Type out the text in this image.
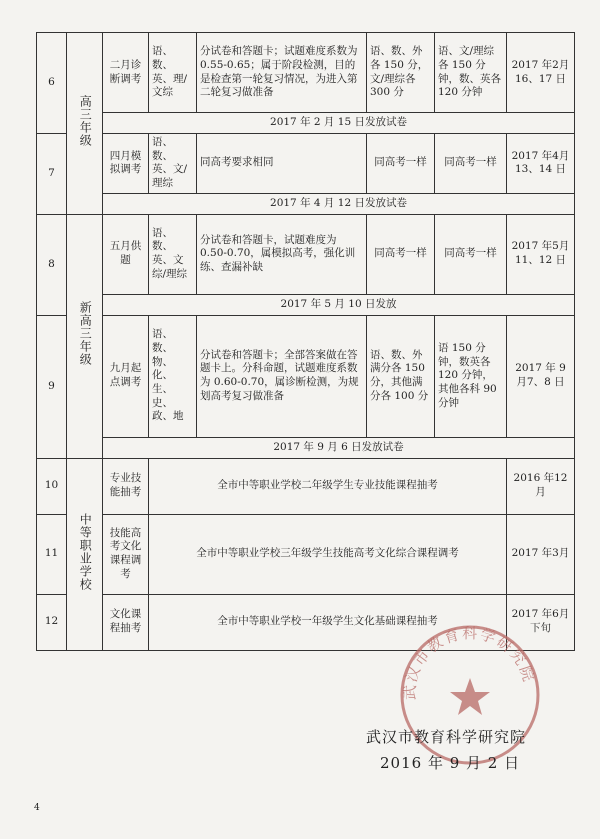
6	高三年级	二月诊断调考	语、数、英、理/文综	分试卷和答题卡；试题难度系数为 0.55-0.65；属于阶段检测，目的是检查第一轮复习情况，为进入第二轮复习做准备	语、数、外各 150 分，文/理综各 300 分	语、文/理综各 150 分钟，数、英各 120 分钟	2017 年2月16、17 日
		2017 年 2 月 15 日发放试卷					
7		四月模拟调考	语、数、英、文/理综	同高考要求相同	同高考一样	同高考一样	2017 年4月13、14 日
		2017 年 4 月 12 日发放试卷					
8	新高三年级	五月供题	语、数、英、文综/理综	分试卷和答题卡，试题难度为 0.50-0.70，属模拟高考，强化训练、查漏补缺	同高考一样	同高考一样	2017 年5月11、12 日
		2017 年 5 月 10 日发放					
9		九月起点调考	语、数、物、化、生、史、政、地	分试卷和答题卡；全部答案做在答题卡上。分科命题，试题难度系数为 0.60-0.70，属诊断检测，为规划高考复习做准备	语、数、外满分各 150 分，其他满分各 100 分	语 150 分钟，数英各 120 分钟，其他各科 90 分钟	2017 年 9月7、8 日
		2017 年 9 月 6 日发放试卷					
10	中等职业学校	专业技能抽考	全市中等职业学校二年级学生专业技能课程抽考				2016 年12月
11		技能高考文化课程调考	全市中等职业学校三年级学生技能高考文化综合课程调考				2017 年3月
12		文化课程抽考	全市中等职业学校一年级学生文化基础课程抽考				2017 年6月下旬
武汉市教育科学研究院
武汉市教育科学研究院
2016 年 9 月 2 日
4
